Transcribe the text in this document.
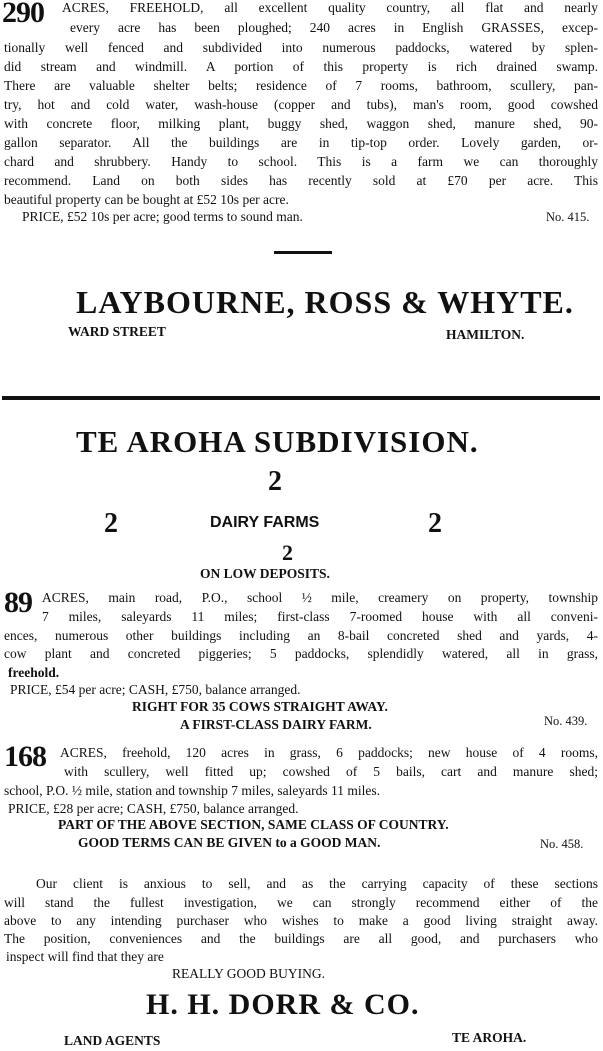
290 ACRES, FREEHOLD, all excellent quality country, all flat and nearly

every acre has been ploughed; 240 acres in English GRASSES, excep-

tionally well fenced and subdivided into numerous paddocks, watered by splen-

did stream and windmill. A portion of this property is rich drained swamp.

There are valuable shelter belts; residence of 7 rooms, bathroom, scullery, pan-

try, hot and cold water, wash-house (copper and tubs), man's room, good cowshed

with concrete floor, milking plant, buggy shed, waggon shed, manure shed, 90-

gallon separator. All the buildings are in tip-top order. Lovely garden, or-

chard and shrubbery. Handy to school. This is a farm we can thoroughly

recommend. Land on both sides has recently sold at £70 per acre. This

beautiful property can be bought at £52 10s per acre.

PRICE, £52 10s per acre; good terms to sound man.	No. 415.

LAYBOURNE, ROSS & WHYTE.

WARD STREET	HAMILTON.

TE AROHA SUBDIVISION.
2
2	DAIRY FARMS	2
2

ON LOW DEPOSITS.

89 ACRES, main road, P.O., school ½ mile, creamery on property, township

7 miles, saleyards 11 miles; first-class 7-roomed house with all conveni-

ences, numerous other buildings including an 8-bail concreted shed and yards, 4-

cow plant and concreted piggeries; 5 paddocks, splendidly watered, all in grass,

freehold.

PRICE, £54 per acre; CASH, £750, balance arranged.

RIGHT FOR 35 COWS STRAIGHT AWAY.

A FIRST-CLASS DAIRY FARM.	No. 439.

168 ACRES, freehold, 120 acres in grass, 6 paddocks; new house of 4 rooms,

with scullery, well fitted up; cowshed of 5 bails, cart and manure shed;

school, P.O. ½ mile, station and township 7 miles, saleyards 11 miles.

PRICE, £28 per acre; CASH, £750, balance arranged.

PART OF THE ABOVE SECTION, SAME CLASS OF COUNTRY.

GOOD TERMS CAN BE GIVEN to a GOOD MAN.	No. 458.

Our client is anxious to sell, and as the carrying capacity of these sections

will stand the fullest investigation, we can strongly recommend either of the

above to any intending purchaser who wishes to make a good living straight away.

The position, conveniences and the buildings are all good, and purchasers who

inspect will find that they are

REALLY GOOD BUYING.

H. H. DORR & CO.

LAND AGENTS	TE AROHA.
